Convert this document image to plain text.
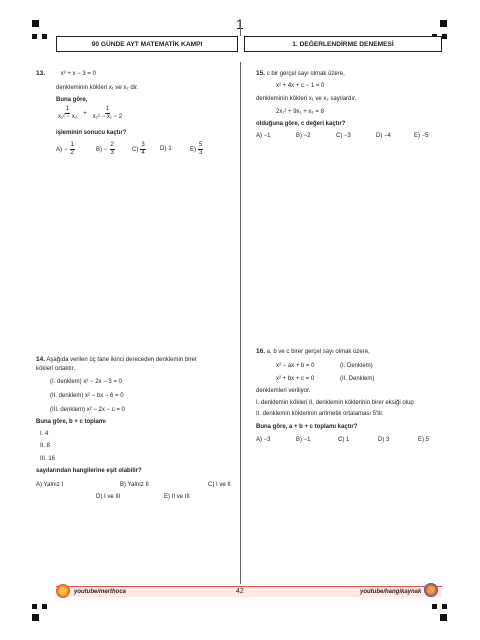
1
90 GÜNDE AYT MATEMATİK KAMPI	1. DEĞERLENDİRME DENEMESİ
13.	x² + x − 3 = 0
denkleminin kökleri x₁ ve x₂ dir.
Buna göre,
$\frac{1}{\text{x₁² − x₂}} + \frac{1}{\text{x₂² − x₁ − 2}}$
işleminin sonucu kaçtır?
$A) - \frac{1}{2}$	$B) - \frac{2}{3}$	$C) \frac{3}{4} D$) 1	$E) \frac{5}{3}$
15. c bir gerçel sayı olmak üzere,
x² + 4x + c − 1 = 0
denkleminin kökleri x₁ ve x₂ sayılardır.
2x₁² + 9x₁ + x₂ = 8
olduğuna göre, c değeri kaçtır?
A) −1	B) −2	C) −3	D) −4	E) −5
14. Aşağıda verilen üç tane ikinci dereceden denklemin birer
kökleri ortaktır.
(I. denklem) x² − 2x − 3 = 0
(II. denklem) x² − bx − 6 = 0
(III. denklem) x² − 2x − c = 0
Buna göre, b + c toplamı
I. 4
II. 8
III. 16
sayılarından hangilerine eşit olabilir?
A) Yalnız I	B) Yalnız II	C) I ve II
D) I ve III	E) II ve III
16. a, b ve c birer gerçel sayı olmak üzere,
x² − ax + b = 0	(I. Denklem)
x² + bx + c = 0	(II. Denklem)
denklemleri veriliyor.
I. denklemin kökleri II. denklemin köklerinin birer eksiği olup
II. denklemin köklerinin aritmetik ortalaması 5'tir.
Buna göre, a + b + c toplamı kaçtır?
A) −3	B) −1	C) 1	D) 3	E) 5
youtube/merthoca	42	youtube/hangikaynak
